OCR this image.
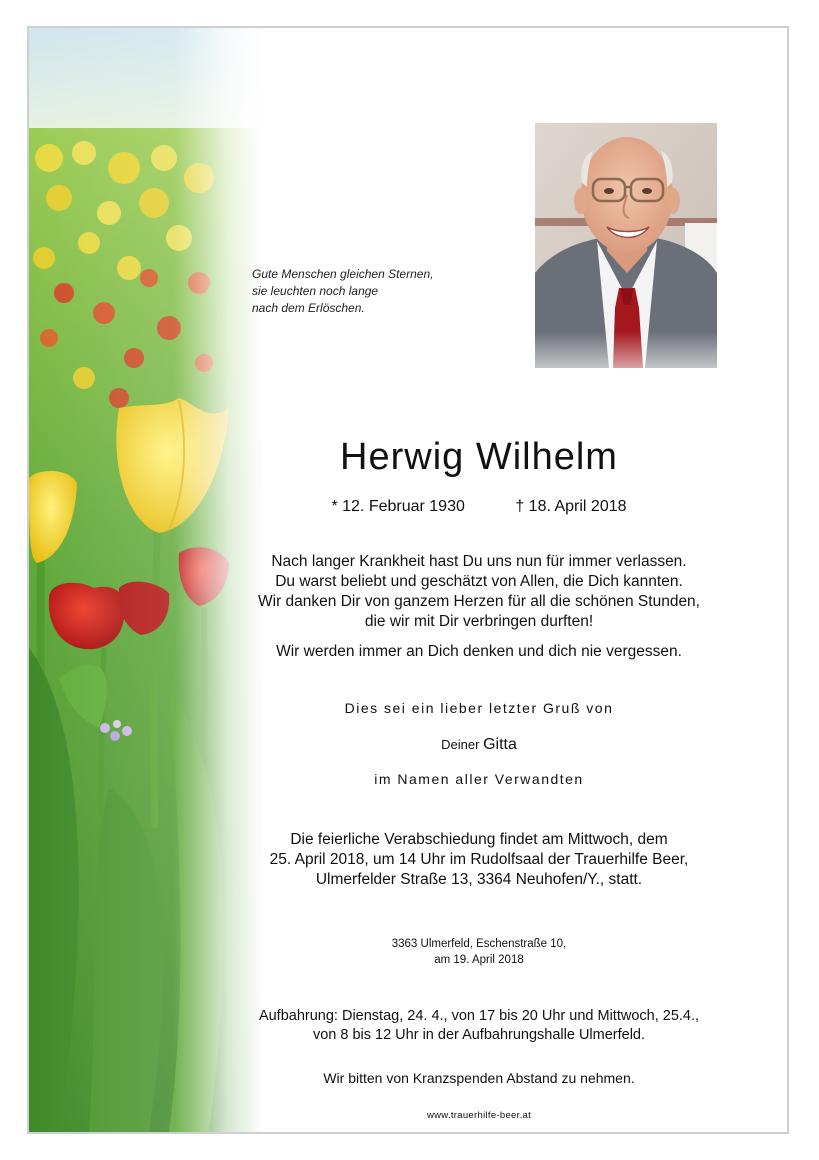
Gute Menschen gleichen Sternen,
sie leuchten noch lange
nach dem Erlöschen.
Herwig Wilhelm
* 12. Februar 1930	† 18. April 2018
Nach langer Krankheit hast Du uns nun für immer verlassen.
Du warst beliebt und geschätzt von Allen, die Dich kannten.
Wir danken Dir von ganzem Herzen für all die schönen Stunden,
die wir mit Dir verbringen durften!
Wir werden immer an Dich denken und dich nie vergessen.
Dies sei ein lieber letzter Gruß von
Deiner Gitta
im Namen aller Verwandten
Die feierliche Verabschiedung findet am Mittwoch, dem
25. April 2018, um 14 Uhr im Rudolfsaal der Trauerhilfe Beer,
Ulmerfelder Straße 13, 3364 Neuhofen/Y., statt.
3363 Ulmerfeld, Eschenstraße 10,
am 19. April 2018
Aufbahrung: Dienstag, 24. 4., von 17 bis 20 Uhr und Mittwoch, 25.4.,
von 8 bis 12 Uhr in der Aufbahrungshalle Ulmerfeld.
Wir bitten von Kranzspenden Abstand zu nehmen.
www.trauerhilfe-beer.at
